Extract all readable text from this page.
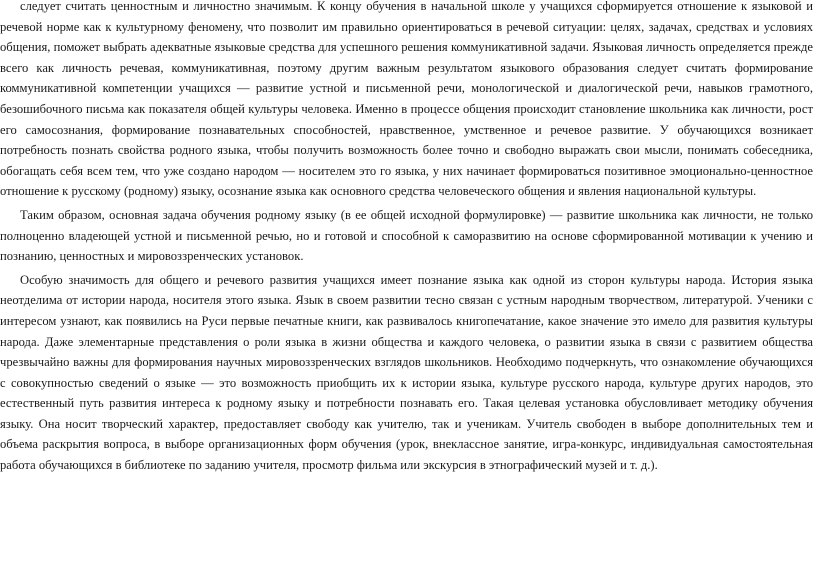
следует считать ценностным и личностно значимым. К концу обучения в начальной школе у учащихся сформируется отношение к языковой и речевой норме как к культурному феномену, что позволит им правильно ориентироваться в речевой ситуации: целях, задачах, средствах и условиях общения, поможет выбрать адекватные языковые средства для успешного решения коммуникативной задачи. Языковая личность определяется прежде всего как личность речевая, коммуникативная, поэтому другим важным результатом языкового образования следует считать формирование коммуникативной компетенции учащихся — развитие устной и письменной речи, монологической и диалогической речи, навыков грамотного, безошибочного письма как показателя общей культуры человека. Именно в процессе общения происходит становление школьника как личности, рост его самосознания, формирование познавательных способностей, нравственное, умственное и речевое развитие. У обучающихся возникает потребность познать свойства родного языка, чтобы получить возможность более точно и свободно выражать свои мысли, понимать собеседника, обогащать себя всем тем, что уже создано народом — носителем это го языка, у них начинает формироваться позитивное эмоционально-ценностное отношение к русскому (родному) языку, осознание языка как основного средства человеческого общения и явления национальной культуры.

Таким образом, основная задача обучения родному языку (в ее общей исходной формулировке) — развитие школьника как личности, не только полноценно владеющей устной и письменной речью, но и готовой и способной к саморазвитию на основе сформированной мотивации к учению и познанию, ценностных и мировоззренческих установок.

Особую значимость для общего и речевого развития учащихся имеет познание языка как одной из сторон культуры народа. История языка неотделима от истории народа, носителя этого языка. Язык в своем развитии тесно связан с устным народным творчеством, литературой. Ученики с интересом узнают, как появились на Руси первые печатные книги, как развивалось книгопечатание, какое значение это имело для развития культуры народа. Даже элементарные представления о роли языка в жизни общества и каждого человека, о развитии языка в связи с развитием общества чрезвычайно важны для формирования научных мировоззренческих взглядов школьников. Необходимо подчеркнуть, что ознакомление обучающихся с совокупностью сведений о языке — это возможность приобщить их к истории языка, культуре русского народа, культуре других народов, это естественный путь развития интереса к родному языку и потребности познавать его. Такая целевая установка обусловливает методику обучения языку. Она носит творческий характер, предоставляет свободу как учителю, так и ученикам. Учитель свободен в выборе дополнительных тем и объема раскрытия вопроса, в выборе организационных форм обучения (урок, внеклассное занятие, игра-конкурс, индивидуальная самостоятельная работа обучающихся в библиотеке по заданию учителя, просмотр фильма или экскурсия в этнографический музей и т. д.).
